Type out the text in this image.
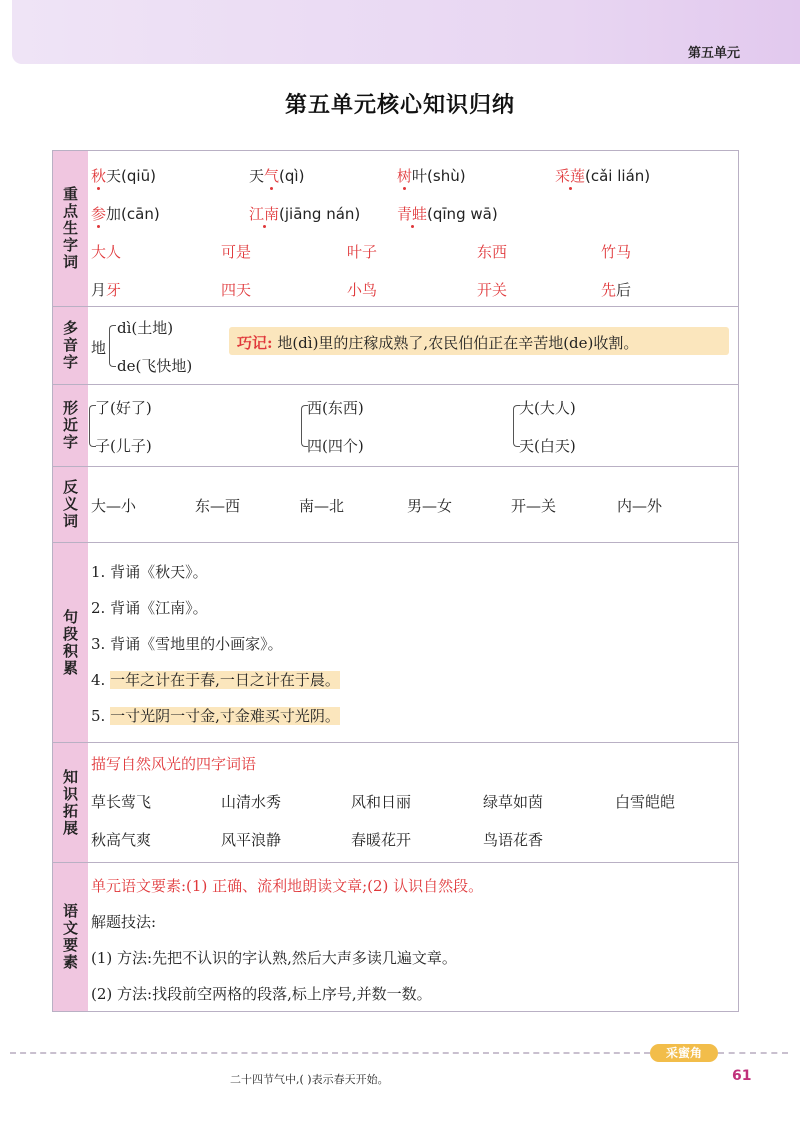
第五单元
第五单元核心知识归纳
重点生字词
秋天(qiū)	天气(qì)	树叶(shù)	采莲(cǎi lián)
参加(cān)	江南(jiāng nán) 青蛙(qīng wā)
大人	可是	叶子	东西	竹马
月牙	四天	小鸟	开关	先后
多音字 地
dì(土地)
de(飞快地)
巧记: 地(dì)里的庄稼成熟了,农民伯伯正在辛苦地(de)收割。
形近字 了(好了)
子(儿子)
西(东西)
四(四个)
大(大人)
天(白天)
反义词 大—小	东—西	南—北	男—女	开—关	内—外
句段积累
1. 背诵《秋天》。
2. 背诵《江南》。
3. 背诵《雪地里的小画家》。
4. 一年之计在于春,一日之计在于晨。
5. 一寸光阴一寸金,寸金难买寸光阴。
知识拓展
描写自然风光的四字词语
草长莺飞	山清水秀	风和日丽	绿草如茵	白雪皑皑
秋高气爽	风平浪静	春暖花开	鸟语花香
语文要素
单元语文要素:(1) 正确、流利地朗读文章;(2) 认识自然段。
解题技法:
(1) 方法:先把不认识的字认熟,然后大声多读几遍文章。
(2) 方法:找段前空两格的段落,标上序号,并数一数。
采蜜角
二十四节气中,( )表示春天开始。	61
